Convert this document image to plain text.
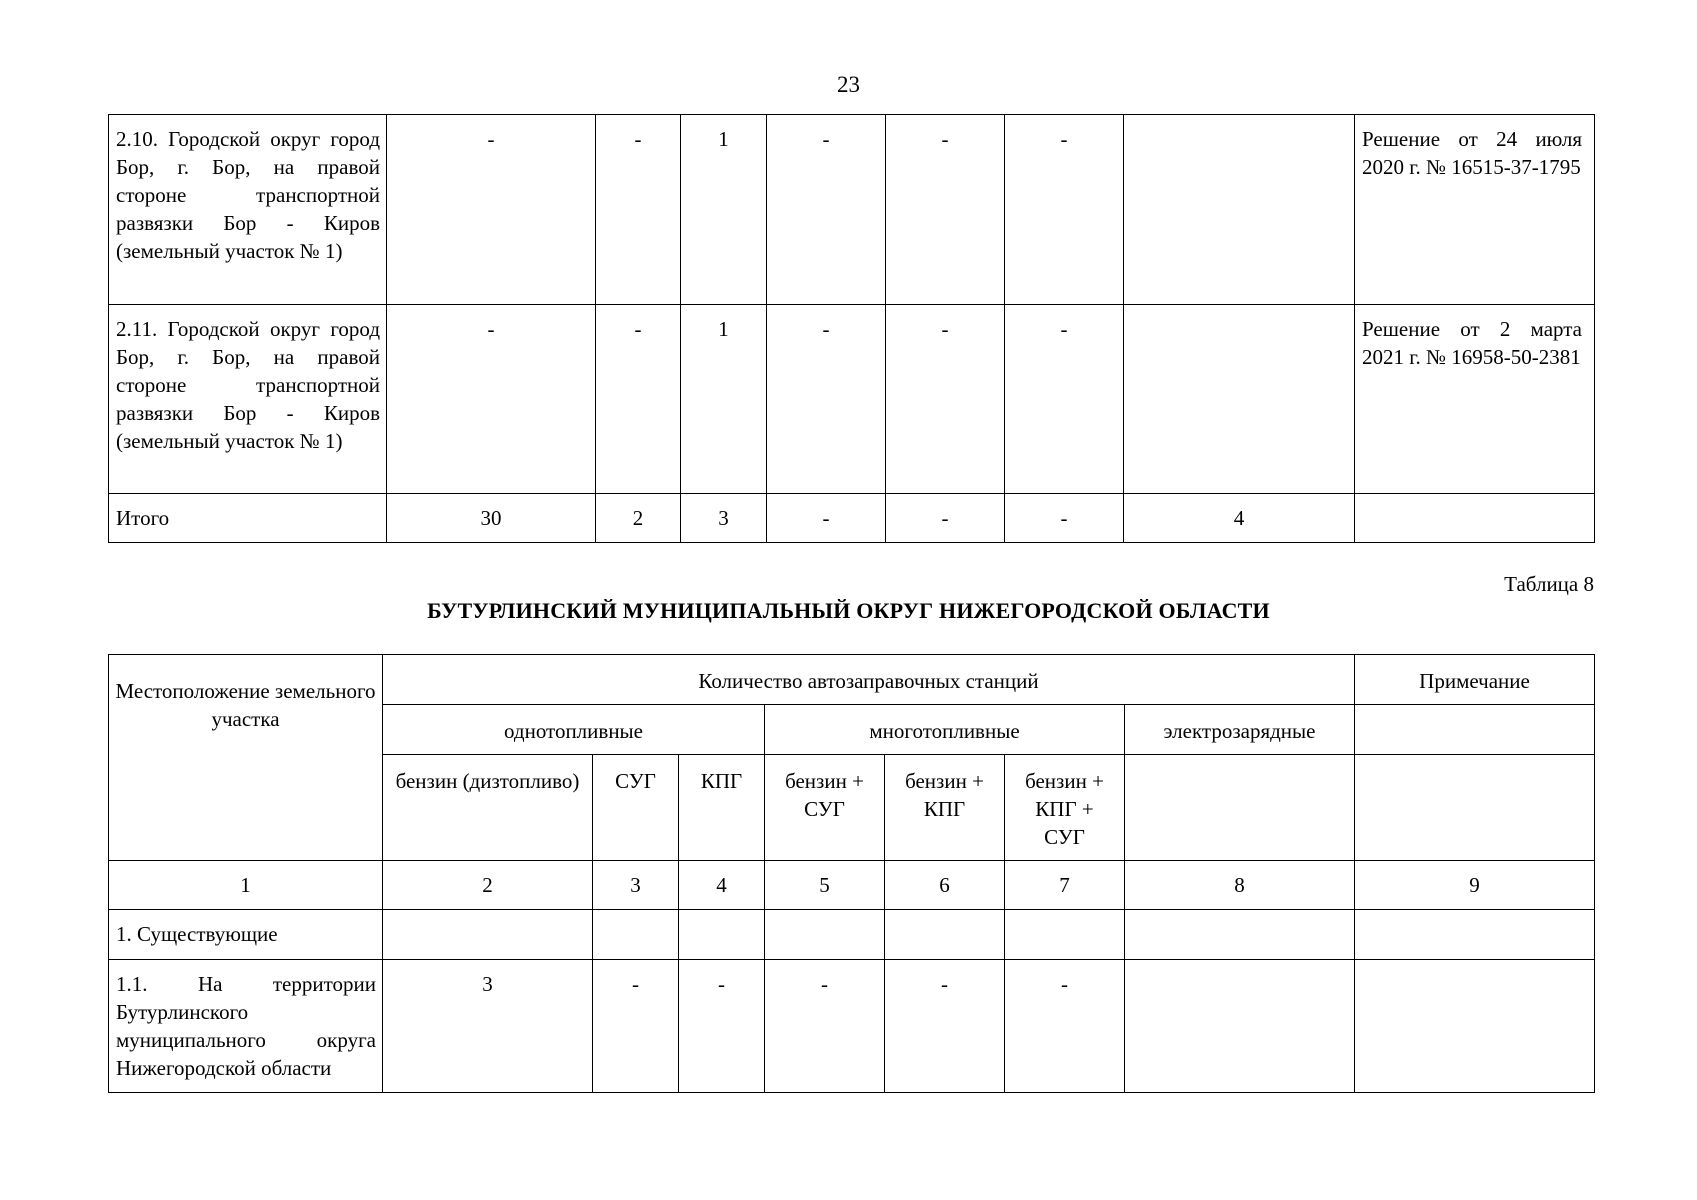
23
2.10. Городской округ город Бор, г. Бор, на правой стороне транспортной развязки Бор - Киров (земельный участок № 1)	-	-	1	-	-	-		Решение от 24 июля 2020 г. № 16515-37-1795
2.11. Городской округ город Бор, г. Бор, на правой стороне транспортной развязки Бор - Киров (земельный участок № 1)	-	-	1	-	-	-		Решение от 2 марта 2021 г. № 16958-50-2381
Итого	30	2	3	-	-	-	4	
Таблица 8
БУТУРЛИНСКИЙ МУНИЦИПАЛЬНЫЙ ОКРУГ НИЖЕГОРОДСКОЙ ОБЛАСТИ
Местоположение земельного участка	Количество автозаправочных станций							Примечание
	однотопливные			многотопливные			электрозарядные	
	бензин (дизтопливо)	СУГ	КПГ	бензин + СУГ	бензин + КПГ	бензин + КПГ + СУГ		
1	2	3	4	5	6	7	8	9
1. Существующие								
1.1. На территории Бутурлинского муниципального округа Нижегородской области	3	-	-	-	-	-		
